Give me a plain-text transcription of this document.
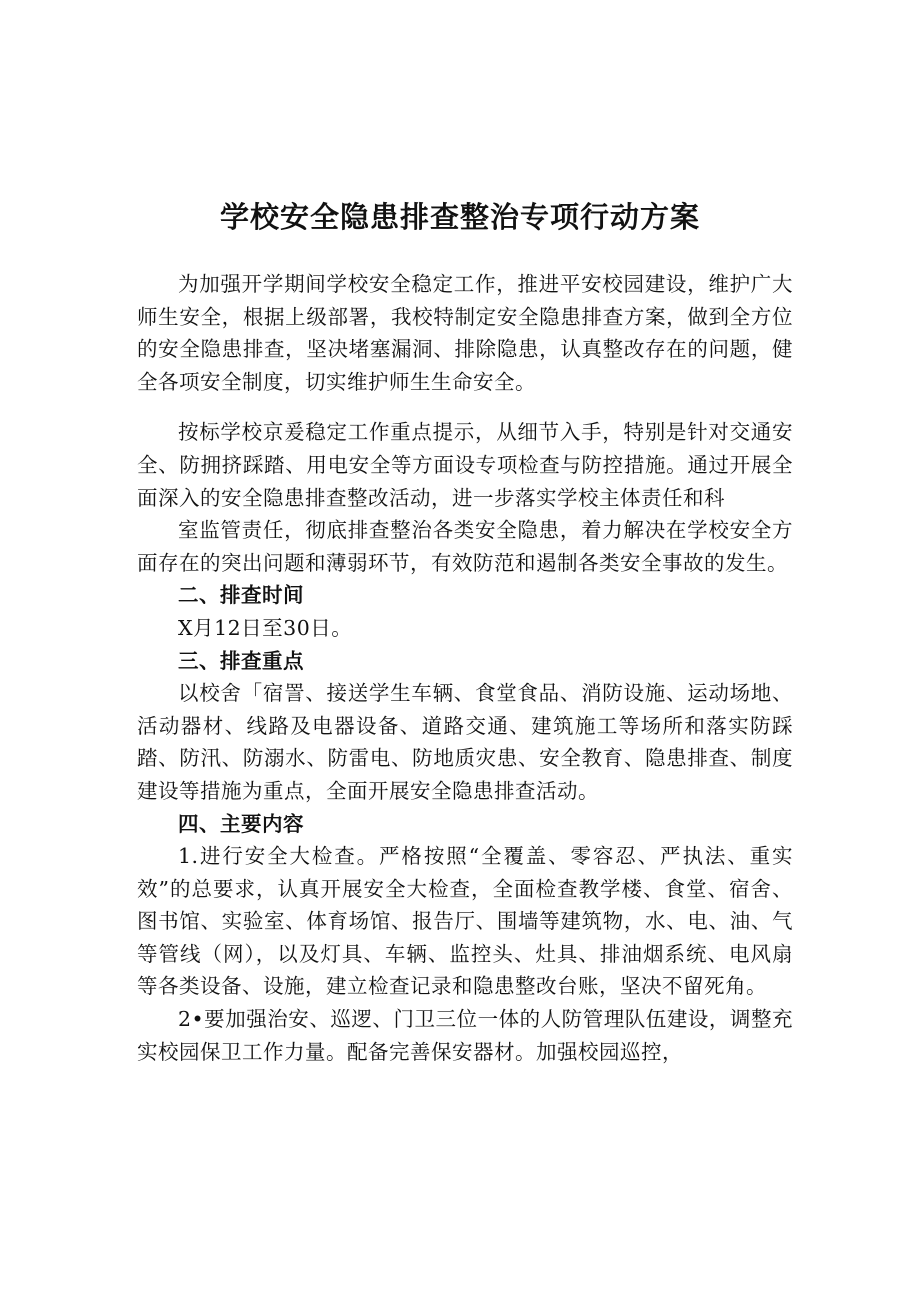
学校安全隐患排查整治专项行动方案

为加强开学期间学校安全稳定工作，推进平安校园建设，维护广大师生安全，根据上级部署，我校特制定安全隐患排查方案，做到全方位的安全隐患排查，坚决堵塞漏洞、排除隐患，认真整改存在的问题，健全各项安全制度，切实维护师生生命安全。

按标学校京爰稳定工作重点提示，从细节入手，特别是针对交通安全、防拥挤踩踏、用电安全等方面设专项检查与防控措施。通过开展全面深入的安全隐患排查整改活动，进一步落实学校主体责任和科

室监管责任，彻底排查整治各类安全隐患，着力解决在学校安全方面存在的突出问题和薄弱环节，有效防范和遏制各类安全事故的发生。

二、排查时间

X月12日至30日。

三、排查重点

以校舍「宿詈、接送学生车辆、食堂食品、消防设施、运动场地、活动器材、线路及电器设备、道路交通、建筑施工等场所和落实防踩踏、防汛、防溺水、防雷电、防地质灾患、安全教育、隐患排查、制度建设等措施为重点，全面开展安全隐患排查活动。

四、主要内容

1.进行安全大检查。严格按照“全覆盖、零容忍、严执法、重实效”的总要求，认真开展安全大检查，全面检查教学楼、食堂、宿舍、图书馆、实验室、体育场馆、报告厅、围墙等建筑物，水、电、油、气等管线（网），以及灯具、车辆、监控头、灶具、排油烟系统、电风扇等各类设备、设施，建立检查记录和隐患整改台账，坚决不留死角。

2•要加强治安、巡逻、门卫三位一体的人防管理队伍建设，调整充实校园保卫工作力量。配备完善保安器材。加强校园巡控，
